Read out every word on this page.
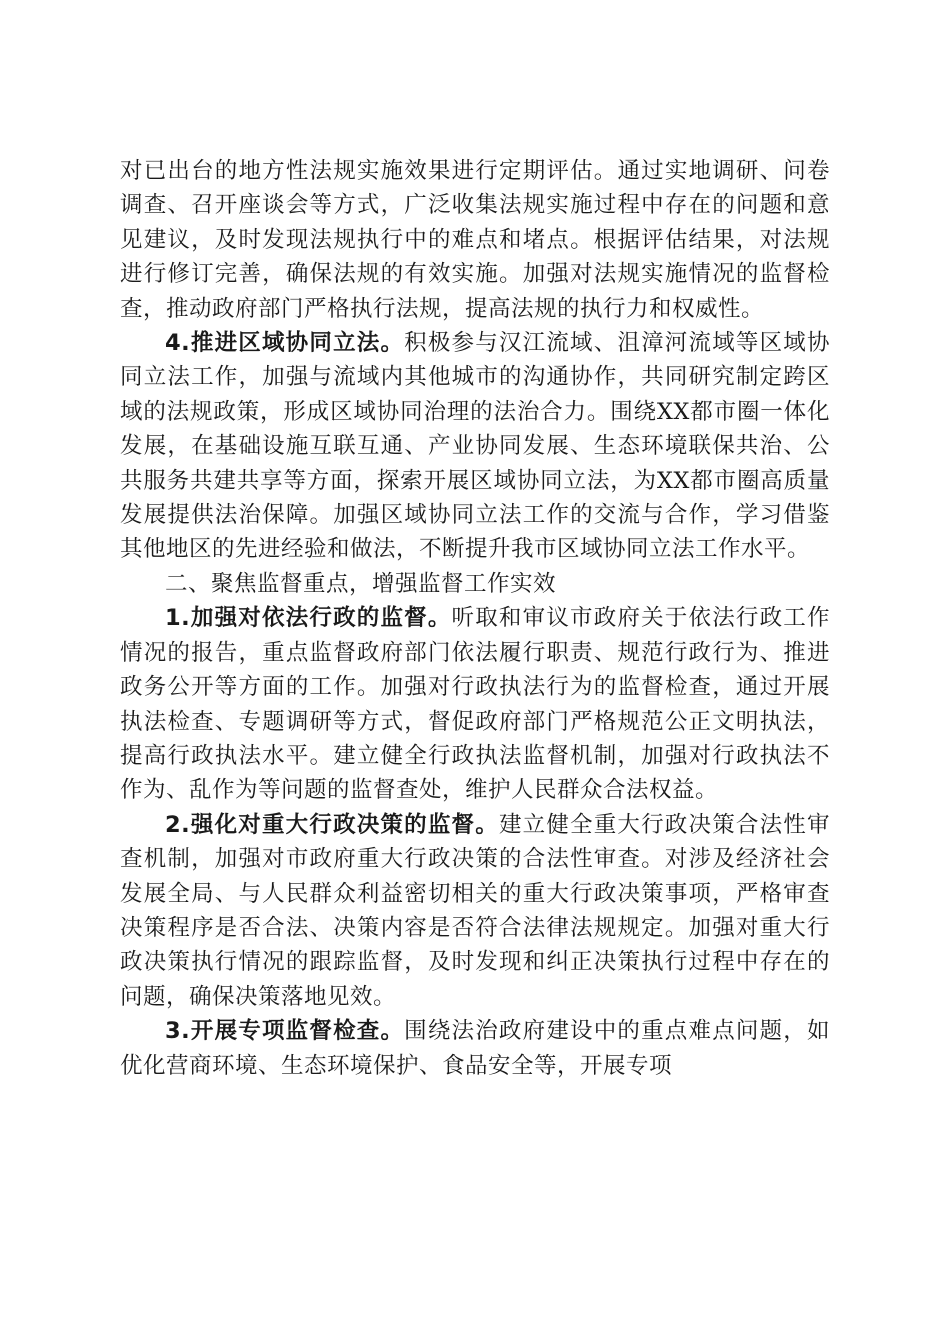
对已出台的地方性法规实施效果进行定期评估。通过实地调研、问卷调查、召开座谈会等方式，广泛收集法规实施过程中存在的问题和意见建议，及时发现法规执行中的难点和堵点。根据评估结果，对法规进行修订完善，确保法规的有效实施。加强对法规实施情况的监督检查，推动政府部门严格执行法规，提高法规的执行力和权威性。

4.推进区域协同立法。积极参与汉江流域、沮漳河流域等区域协同立法工作，加强与流域内其他城市的沟通协作，共同研究制定跨区域的法规政策，形成区域协同治理的法治合力。围绕XX都市圈一体化发展，在基础设施互联互通、产业协同发展、生态环境联保共治、公共服务共建共享等方面，探索开展区域协同立法，为XX都市圈高质量发展提供法治保障。加强区域协同立法工作的交流与合作，学习借鉴其他地区的先进经验和做法，不断提升我市区域协同立法工作水平。

二、聚焦监督重点，增强监督工作实效

1.加强对依法行政的监督。听取和审议市政府关于依法行政工作情况的报告，重点监督政府部门依法履行职责、规范行政行为、推进政务公开等方面的工作。加强对行政执法行为的监督检查，通过开展执法检查、专题调研等方式，督促政府部门严格规范公正文明执法，提高行政执法水平。建立健全行政执法监督机制，加强对行政执法不作为、乱作为等问题的监督查处，维护人民群众合法权益。

2.强化对重大行政决策的监督。建立健全重大行政决策合法性审查机制，加强对市政府重大行政决策的合法性审查。对涉及经济社会发展全局、与人民群众利益密切相关的重大行政决策事项，严格审查决策程序是否合法、决策内容是否符合法律法规规定。加强对重大行政决策执行情况的跟踪监督，及时发现和纠正决策执行过程中存在的问题，确保决策落地见效。

3.开展专项监督检查。围绕法治政府建设中的重点难点问题，如优化营商环境、生态环境保护、食品安全等，开展专项
